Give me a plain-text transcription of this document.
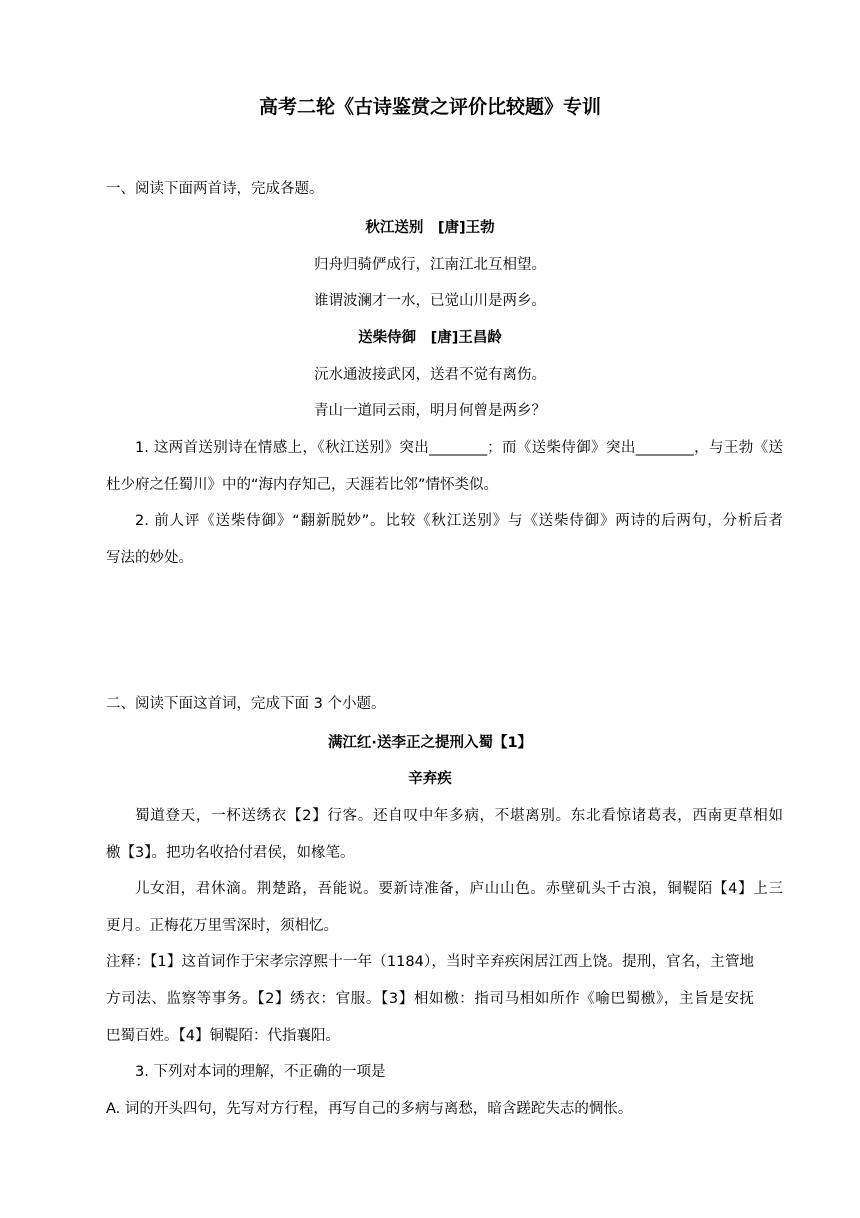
高考二轮《古诗鉴赏之评价比较题》专训
一、阅读下面两首诗，完成各题。
秋江送别　[唐]王勃
归舟归骑俨成行，江南江北互相望。
谁谓波澜才一水，已觉山川是两乡。
送柴侍御　[唐]王昌龄
沅水通波接武冈，送君不觉有离伤。
青山一道同云雨，明月何曾是两乡？
1. 这两首送别诗在情感上，《秋江送别》突出________；而《送柴侍御》突出________，与王勃《送
杜少府之任蜀川》中的“海内存知己，天涯若比邻”情怀类似。
2. 前人评《送柴侍御》“翻新脱妙”。比较《秋江送别》与《送柴侍御》两诗的后两句，分析后者
写法的妙处。
二、阅读下面这首词，完成下面 3 个小题。
满江红·送李正之提刑入蜀【1】
辛弃疾
蜀道登天，一杯送绣衣【2】行客。还自叹中年多病，不堪离别。东北看惊诸葛表，西南更草相如
檄【3】。把功名收拾付君侯，如椽笔。
儿女泪，君休滴。荆楚路，吾能说。要新诗准备，庐山山色。赤壁矶头千古浪，铜鞮陌【4】上三
更月。正梅花万里雪深时，须相忆。
注释：【1】这首词作于宋孝宗淳熙十一年（1184），当时辛弃疾闲居江西上饶。提刑，官名，主管地
方司法、监察等事务。【2】绣衣：官服。【3】相如檄：指司马相如所作《喻巴蜀檄》，主旨是安抚
巴蜀百姓。【4】铜鞮陌：代指襄阳。
3. 下列对本词的理解，不正确的一项是
A. 词的开头四句，先写对方行程，再写自己的多病与离愁，暗含蹉跎失志的惆怅。
